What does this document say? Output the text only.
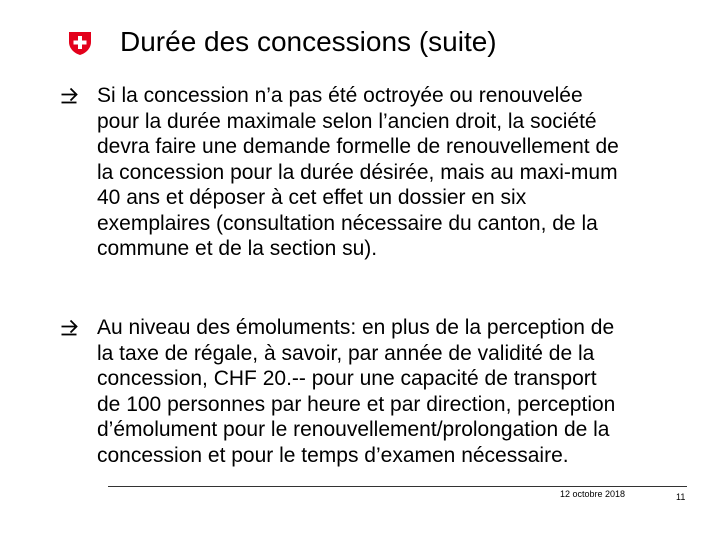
Durée des concessions (suite)
Si la concession n’a pas été octroyée ou renouvelée
pour la durée maximale selon l’ancien droit, la société
devra faire une demande formelle de renouvellement de
la concession pour la durée désirée, mais au maxi-mum
40 ans et déposer à cet effet un dossier en six
exemplaires (consultation nécessaire du canton, de la
commune et de la section su).
Au niveau des émoluments: en plus de la perception de
la taxe de régale, à savoir, par année de validité de la
concession, CHF 20.-- pour une capacité de transport
de 100 personnes par heure et par direction, perception
d’émolument pour le renouvellement/prolongation de la
concession et pour le temps d’examen nécessaire.
12 octobre 2018	11
